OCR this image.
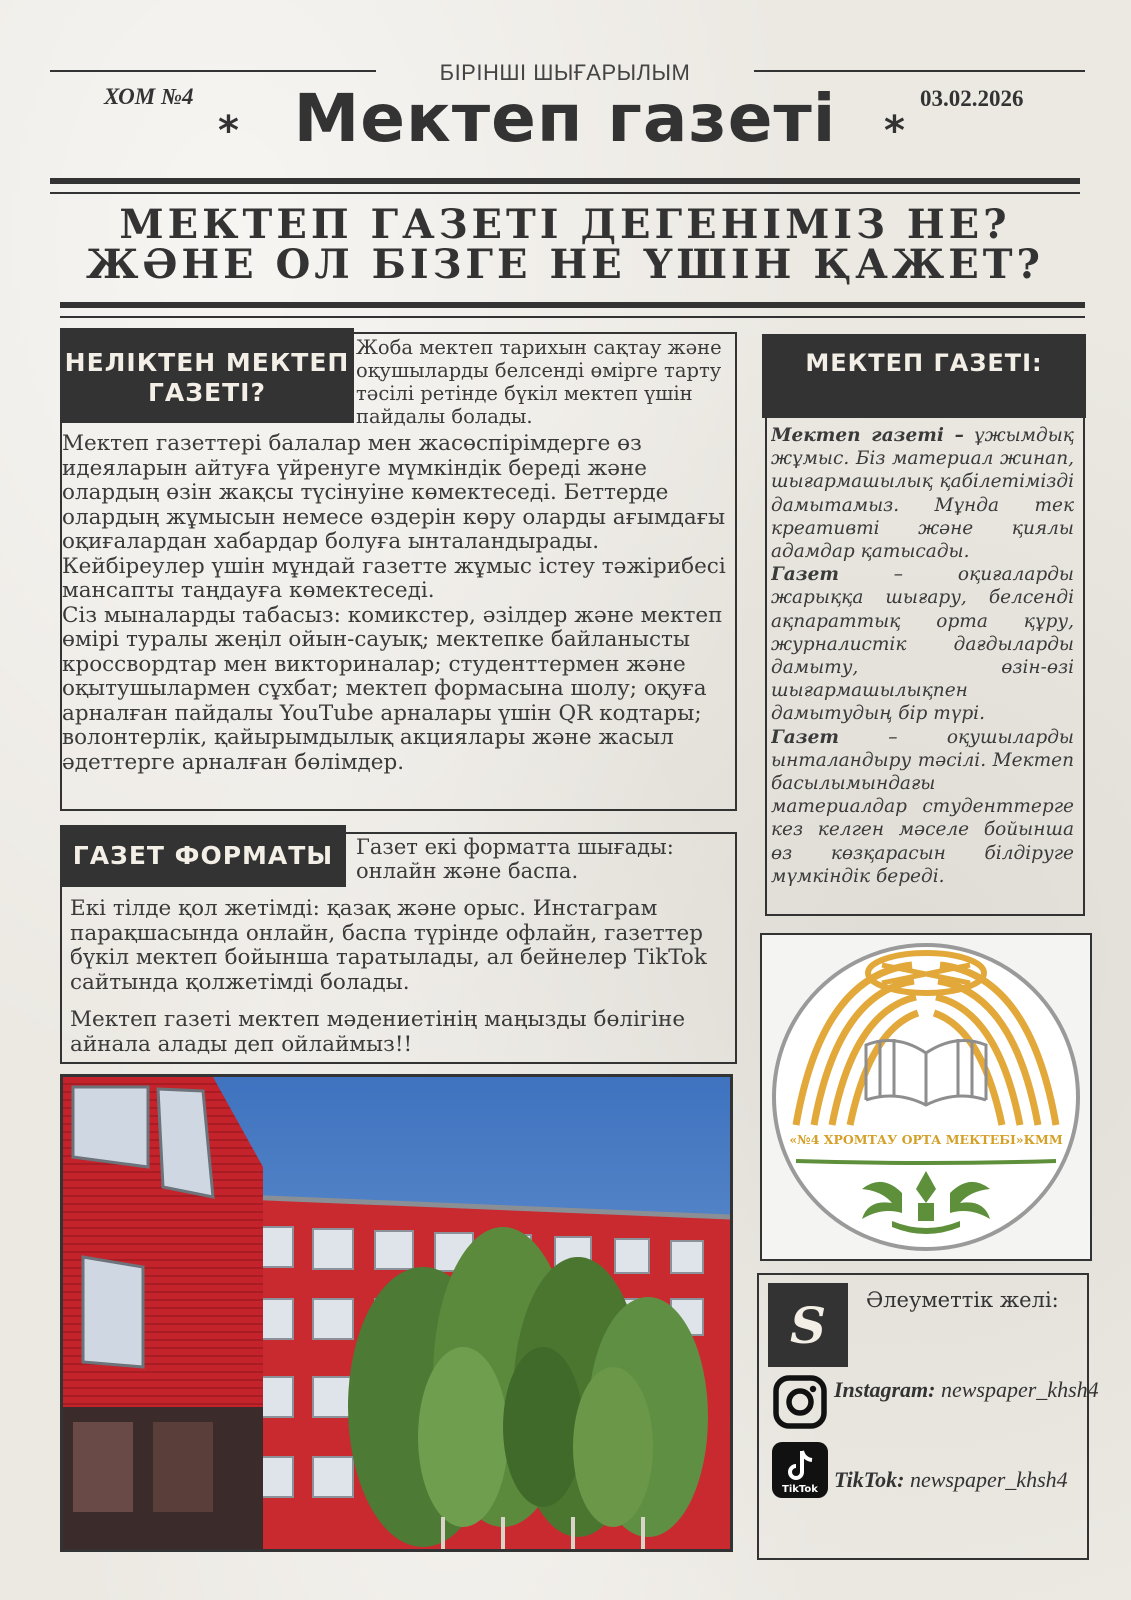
БІРІНШІ ШЫҒАРЫЛЫМ
ХОМ №4	03.02.2026
*	*
Мектеп газеті
МЕКТЕП ГАЗЕТІ ДЕГЕНІМІЗ НЕ?
ЖӘНЕ ОЛ БІЗГЕ НЕ ҮШІН ҚАЖЕТ?
НЕЛІКТЕН МЕКТЕП ГАЗЕТІ?
Жоба мектеп тарихын сақтау және оқушыларды белсенді өмірге тарту тәсілі ретінде бүкіл мектеп үшін пайдалы болады.

Мектеп газеттері балалар мен жасөспірімдерге өз идеяларын айтуға үйренуге мүмкіндік береді және олардың өзін жақсы түсінуіне көмектеседі. Беттерде олардың жұмысын немесе өздерін көру оларды ағымдағы оқиғалардан хабардар болуға ынталандырады. Кейбіреулер үшін мұндай газетте жұмыс істеу тәжірибесі мансапты таңдауға көмектеседі.

Сіз мыналарды табасыз: комикстер, әзілдер және мектеп өмірі туралы жеңіл ойын-сауық; мектепке байланысты кроссвордтар мен викториналар; студенттермен және оқытушылармен сұхбат; мектеп формасына шолу; оқуға арналған пайдалы YouTube арналары үшін QR кодтары; волонтерлік, қайырымдылық акциялары және жасыл әдеттерге арналған бөлімдер.

ГАЗЕТ ФОРМАТЫ	Газет екі форматта шығады: онлайн және баспа.
Екі тілде қол жетімді: қазақ және орыс. Инстаграм парақшасында онлайн, баспа түрінде офлайн, газеттер бүкіл мектеп бойынша таратылады, ал бейнелер TikTok сайтында қолжетімді болады.
Мектеп газеті мектеп мәдениетінің маңызды бөлігіне айнала алады деп ойлаймыз!!
МЕКТЕП ГАЗЕТІ:

Мектеп газеті – ұжымдық жұмыс. Біз материал жинап, шығармашылық қабілетімізді дамытамыз. Мұнда тек креативті және қиялы адамдар қатысады.

Газет – оқиғаларды жарыққа шығару, белсенді ақпараттық орта құру, журналистік дағдыларды дамыту, өзін-өзі шығармашылықпен дамытудың бір түрі.

Газет – оқушыларды ынталандыру тәсілі. Мектеп басылымындағы материалдар студенттерге кез келген мәселе бойынша өз көзқарасын білдіруге мүмкіндік береді.

«№4 ХРОМТАУ ОРТА МЕКТЕБІ»КММ
S Әлеуметтік желі:
Instagram: newspaper_khsh4
TikTok TikTok: newspaper_khsh4
